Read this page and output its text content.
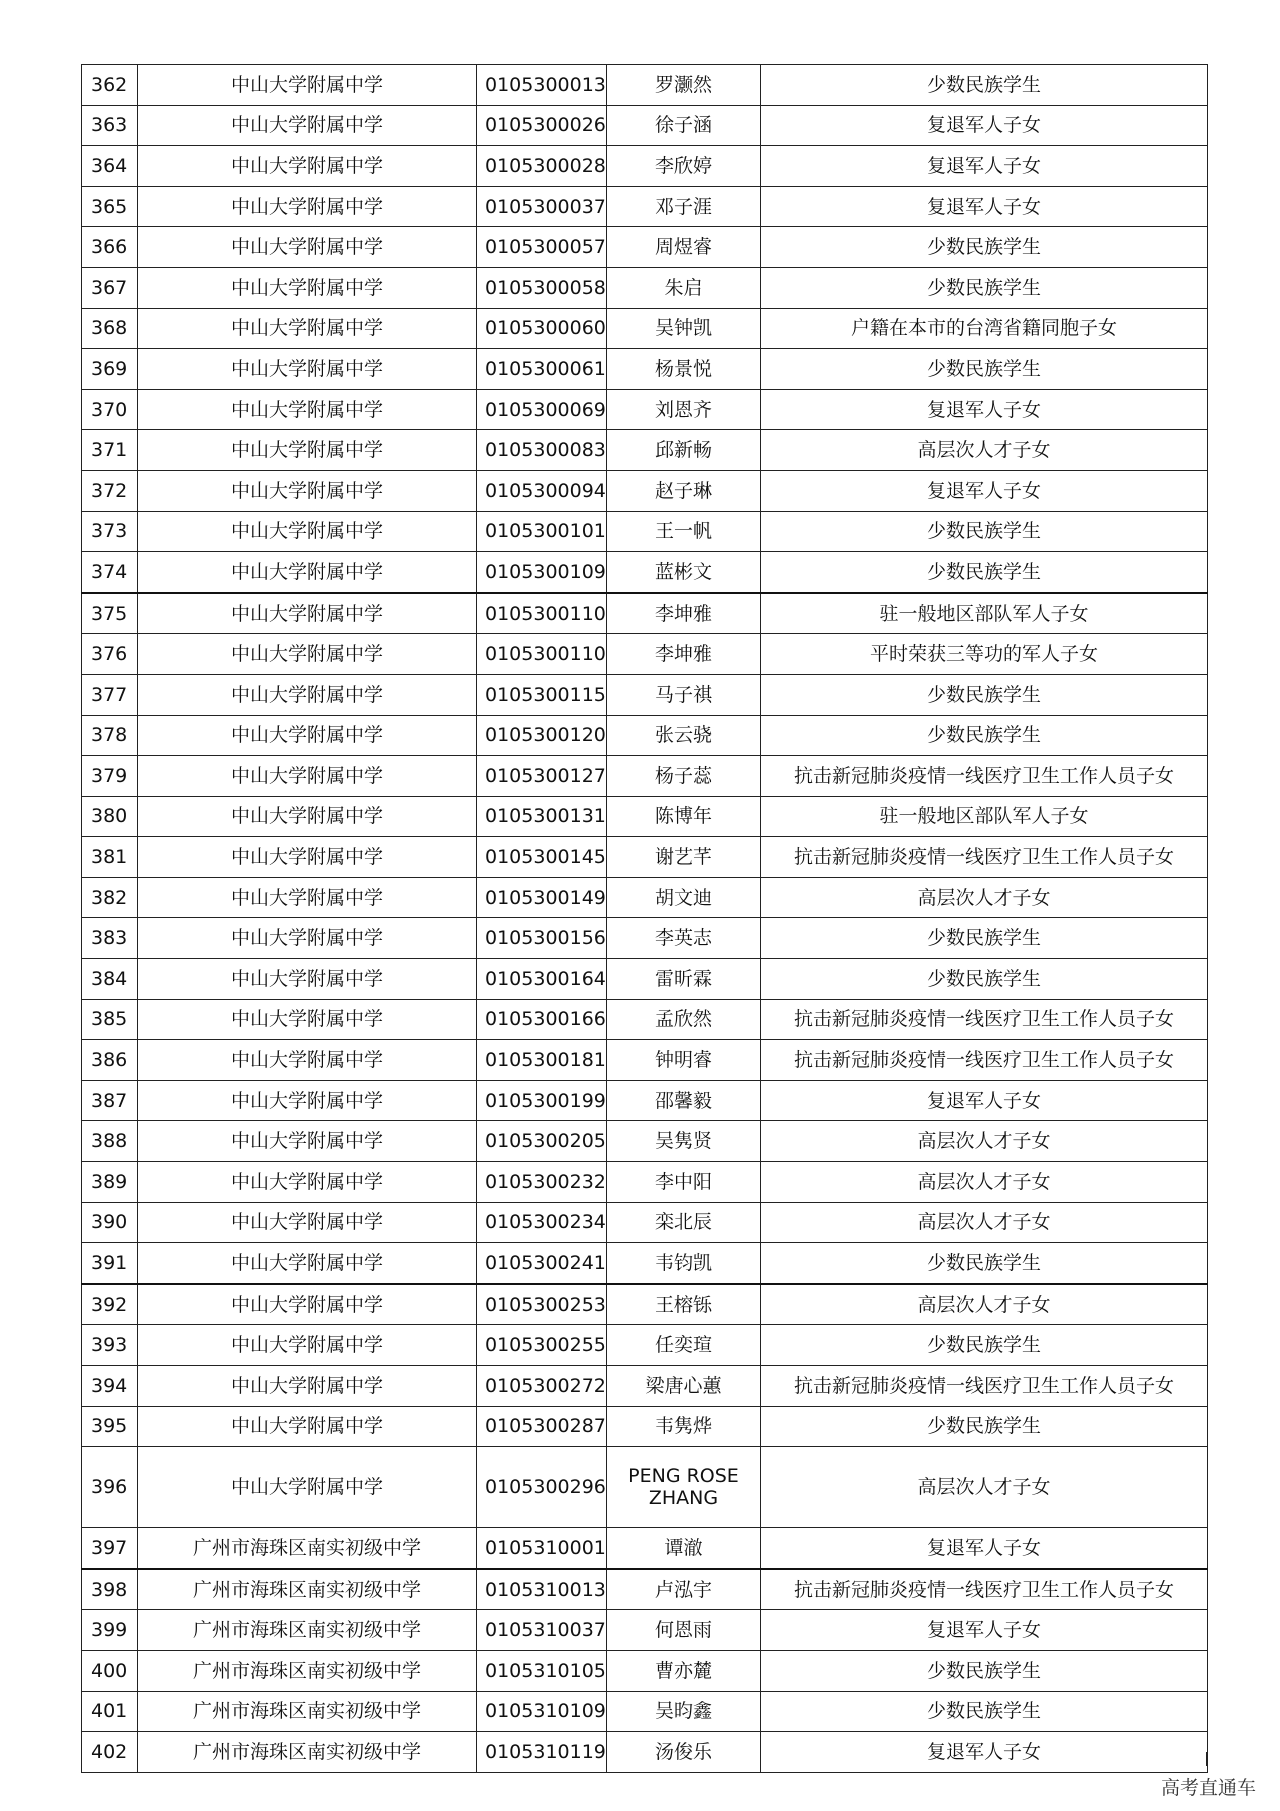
362	中山大学附属中学	0105300013	罗灏然	少数民族学生
363	中山大学附属中学	0105300026	徐子涵	复退军人子女
364	中山大学附属中学	0105300028	李欣婷	复退军人子女
365	中山大学附属中学	0105300037	邓子涯	复退军人子女
366	中山大学附属中学	0105300057	周煜睿	少数民族学生
367	中山大学附属中学	0105300058	朱启	少数民族学生
368	中山大学附属中学	0105300060	吴钟凯	户籍在本市的台湾省籍同胞子女
369	中山大学附属中学	0105300061	杨景悦	少数民族学生
370	中山大学附属中学	0105300069	刘恩齐	复退军人子女
371	中山大学附属中学	0105300083	邱新畅	高层次人才子女
372	中山大学附属中学	0105300094	赵子琳	复退军人子女
373	中山大学附属中学	0105300101	王一帆	少数民族学生
374	中山大学附属中学	0105300109	蓝彬文	少数民族学生
375	中山大学附属中学	0105300110	李坤雅	驻一般地区部队军人子女
376	中山大学附属中学	0105300110	李坤雅	平时荣获三等功的军人子女
377	中山大学附属中学	0105300115	马子祺	少数民族学生
378	中山大学附属中学	0105300120	张云骁	少数民族学生
379	中山大学附属中学	0105300127	杨子蕊	抗击新冠肺炎疫情一线医疗卫生工作人员子女
380	中山大学附属中学	0105300131	陈博年	驻一般地区部队军人子女
381	中山大学附属中学	0105300145	谢艺芊	抗击新冠肺炎疫情一线医疗卫生工作人员子女
382	中山大学附属中学	0105300149	胡文迪	高层次人才子女
383	中山大学附属中学	0105300156	李英志	少数民族学生
384	中山大学附属中学	0105300164	雷昕霖	少数民族学生
385	中山大学附属中学	0105300166	孟欣然	抗击新冠肺炎疫情一线医疗卫生工作人员子女
386	中山大学附属中学	0105300181	钟明睿	抗击新冠肺炎疫情一线医疗卫生工作人员子女
387	中山大学附属中学	0105300199	邵馨毅	复退军人子女
388	中山大学附属中学	0105300205	吴隽贤	高层次人才子女
389	中山大学附属中学	0105300232	李中阳	高层次人才子女
390	中山大学附属中学	0105300234	栾北辰	高层次人才子女
391	中山大学附属中学	0105300241	韦钧凯	少数民族学生
392	中山大学附属中学	0105300253	王榕铄	高层次人才子女
393	中山大学附属中学	0105300255	任奕瑄	少数民族学生
394	中山大学附属中学	0105300272	梁唐心蕙	抗击新冠肺炎疫情一线医疗卫生工作人员子女
395	中山大学附属中学	0105300287	韦隽烨	少数民族学生
396	中山大学附属中学	0105300296	PENG ROSE ZHANG	高层次人才子女
397	广州市海珠区南实初级中学	0105310001	谭澈	复退军人子女
398	广州市海珠区南实初级中学	0105310013	卢泓宇	抗击新冠肺炎疫情一线医疗卫生工作人员子女
399	广州市海珠区南实初级中学	0105310037	何恩雨	复退军人子女
400	广州市海珠区南实初级中学	0105310105	曹亦麓	少数民族学生
401	广州市海珠区南实初级中学	0105310109	吴昀鑫	少数民族学生
402	广州市海珠区南实初级中学	0105310119	汤俊乐	复退军人子女
高考直通车
